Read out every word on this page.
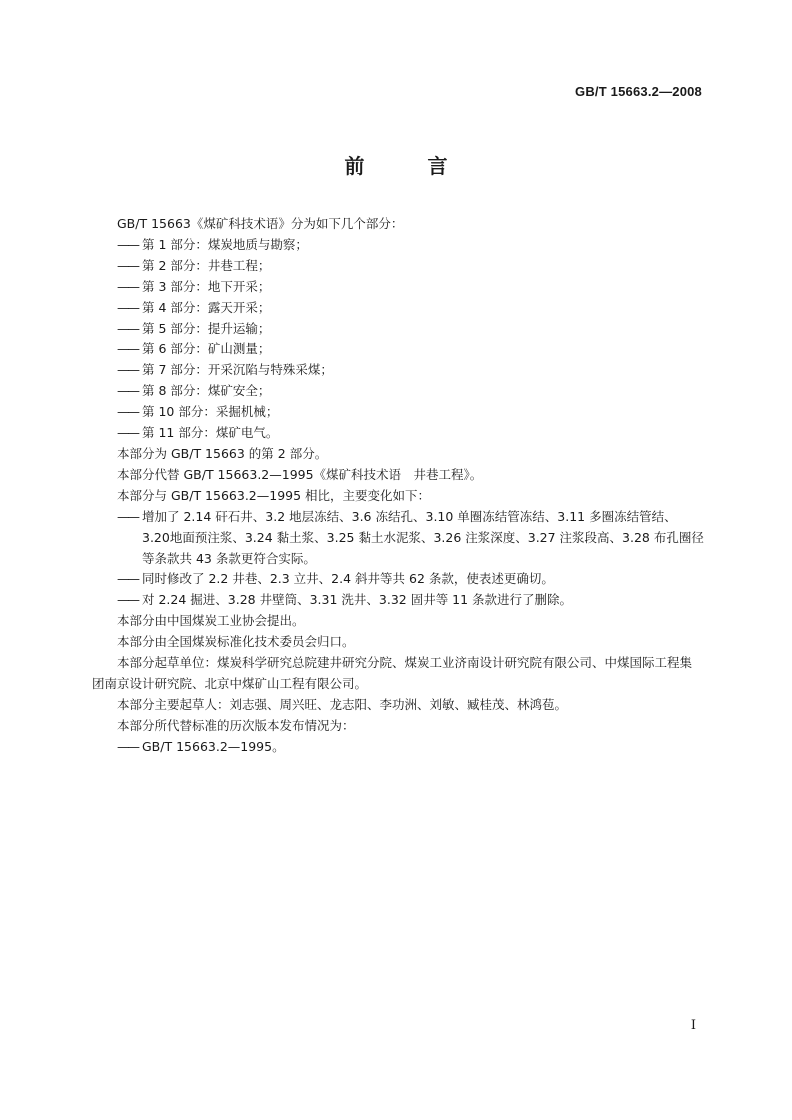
GB/T 15663.2—2008
前 言

GB/T 15663《煤矿科技术语》分为如下几个部分：

—— 第 1 部分：煤炭地质与勘察；

—— 第 2 部分：井巷工程；

—— 第 3 部分：地下开采；

—— 第 4 部分：露天开采；

—— 第 5 部分：提升运输；

—— 第 6 部分：矿山测量；

—— 第 7 部分：开采沉陷与特殊采煤；

—— 第 8 部分：煤矿安全；

—— 第 10 部分：采掘机械；

—— 第 11 部分：煤矿电气。

本部分为 GB/T 15663 的第 2 部分。

本部分代替 GB/T 15663.2—1995《煤矿科技术语　井巷工程》。

本部分与 GB/T 15663.2—1995 相比，主要变化如下：

—— 增加了 2.14 矸石井、3.2 地层冻结、3.6 冻结孔、3.10 单圈冻结管冻结、3.11 多圈冻结管结、3.20地面预注浆、3.24 黏土浆、3.25 黏土水泥浆、3.26 注浆深度、3.27 注浆段高、3.28 布孔圈径等条款共 43 条款更符合实际。

—— 同时修改了 2.2 井巷、2.3 立井、2.4 斜井等共 62 条款，使表述更确切。

—— 对 2.24 掘进、3.28 井壁筒、3.31 洗井、3.32 固井等 11 条款进行了删除。

本部分由中国煤炭工业协会提出。

本部分由全国煤炭标准化技术委员会归口。

本部分起草单位：煤炭科学研究总院建井研究分院、煤炭工业济南设计研究院有限公司、中煤国际工程集团南京设计研究院、北京中煤矿山工程有限公司。

本部分主要起草人：刘志强、周兴旺、龙志阳、李功洲、刘敏、臧桂茂、林鸿苞。

本部分所代替标准的历次版本发布情况为：

—— GB/T 15663.2—1995。

I
